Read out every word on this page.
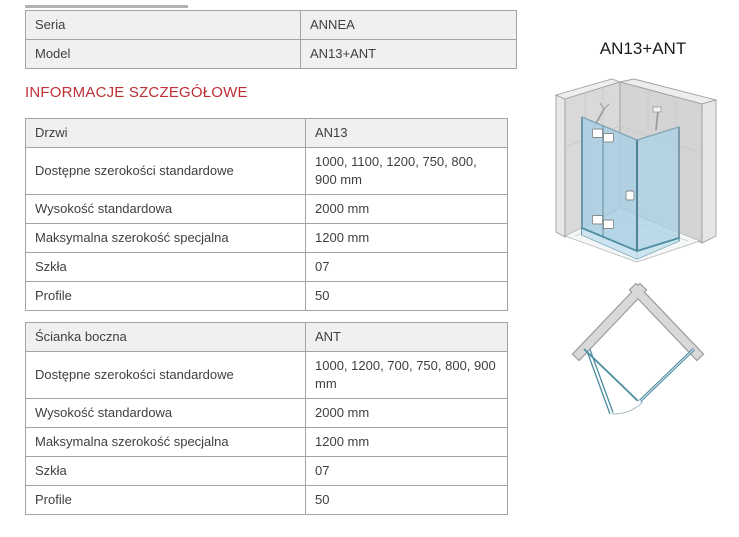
Seria	ANNEA
Model	AN13+ANT
INFORMACJE SZCZEGÓŁOWE
Drzwi	AN13
Dostępne szerokości standardowe	1000, 1100, 1200, 750, 800, 900 mm
Wysokość standardowa	2000 mm
Maksymalna szerokość specjalna	1200 mm
Szkła	07
Profile	50
Ścianka boczna	ANT
Dostępne szerokości standardowe	1000, 1200, 700, 750, 800, 900 mm
Wysokość standardowa	2000 mm
Maksymalna szerokość specjalna	1200 mm
Szkła	07
Profile	50
AN13+ANT
